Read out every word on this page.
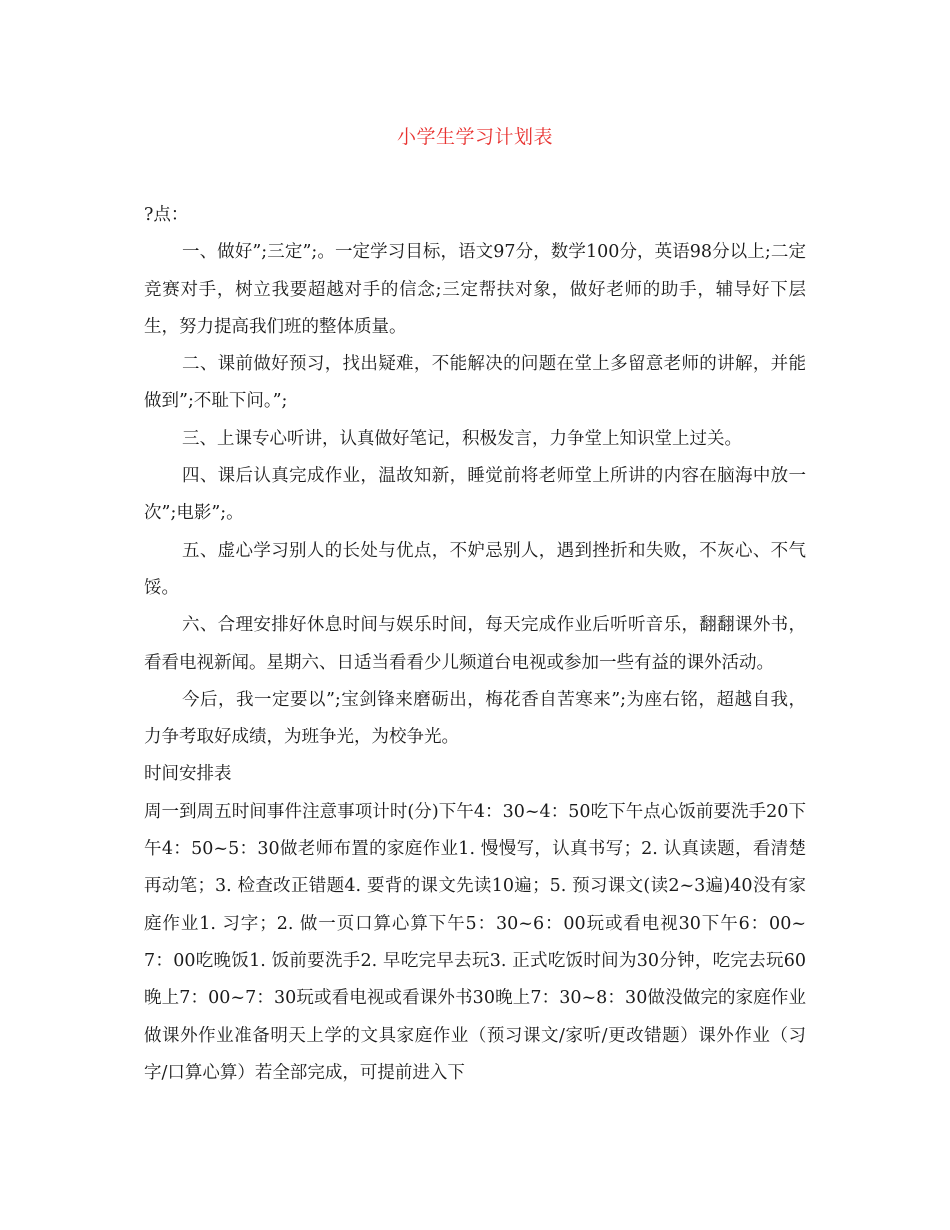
小学生学习计划表

?点：

一、做好”;三定”;。一定学习目标，语文97分，数学100分，英语98分以上;二定竞赛对手，树立我要超越对手的信念;三定帮扶对象，做好老师的助手，辅导好下层生，努力提高我们班的整体质量。

二、课前做好预习，找出疑难，不能解决的问题在堂上多留意老师的讲解，并能做到”;不耻下问。”;

三、上课专心听讲，认真做好笔记，积极发言，力争堂上知识堂上过关。

四、课后认真完成作业，温故知新，睡觉前将老师堂上所讲的内容在脑海中放一次”;电影”;。

五、虚心学习别人的长处与优点，不妒忌别人，遇到挫折和失败，不灰心、不气馁。

六、合理安排好休息时间与娱乐时间，每天完成作业后听听音乐，翻翻课外书，看看电视新闻。星期六、日适当看看少儿频道台电视或参加一些有益的课外活动。

今后，我一定要以”;宝剑锋来磨砺出，梅花香自苦寒来”;为座右铭，超越自我，力争考取好成绩，为班争光，为校争光。

时间安排表

周一到周五时间事件注意事项计时(分)下午4：30~4：50吃下午点心饭前要洗手20下午4：50~5：30做老师布置的家庭作业1. 慢慢写，认真书写；2. 认真读题，看清楚再动笔；3. 检查改正错题4. 要背的课文先读10遍；5. 预习课文(读2~3遍)40没有家庭作业1. 习字；2. 做一页口算心算下午5：30~6：00玩或看电视30下午6：00~7：00吃晚饭1. 饭前要洗手2. 早吃完早去玩3. 正式吃饭时间为30分钟，吃完去玩60晚上7：00~7：30玩或看电视或看课外书30晚上7：30~8：30做没做完的家庭作业做课外作业准备明天上学的文具家庭作业（预习课文/家听/更改错题）课外作业（习字/口算心算）若全部完成，可提前进入下
